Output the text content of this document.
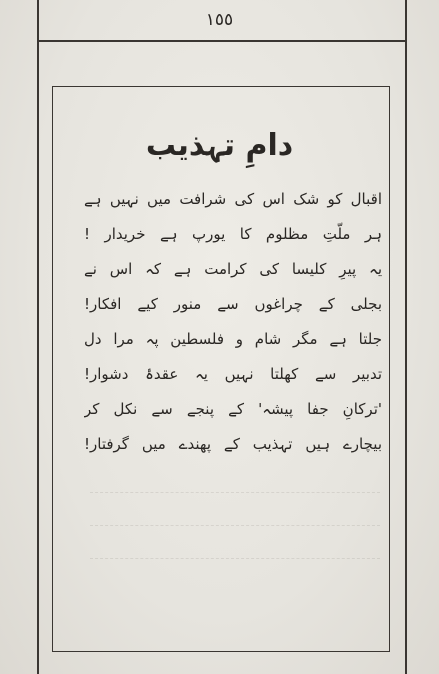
١٥٥
دامِ تہذیب
اقبال کو شک اس کی شرافت میں نہیں ہے
ہر ملّتِ مظلوم کا یورپ ہے خریدار !
یہ پیرِ کلیسا کی کرامت ہے کہ اس نے
بجلی کے چراغوں سے منور کیے افکار!
جلتا ہے مگر شام و فلسطین پہ مرا دل
تدبیر سے کھلتا نہیں یہ عقدۂ دشوار!
'ترکانِ جفا پیشہ' کے پنجے سے نکل کر
بیچارے ہیں تہذیب کے پھندے میں گرفتار!
